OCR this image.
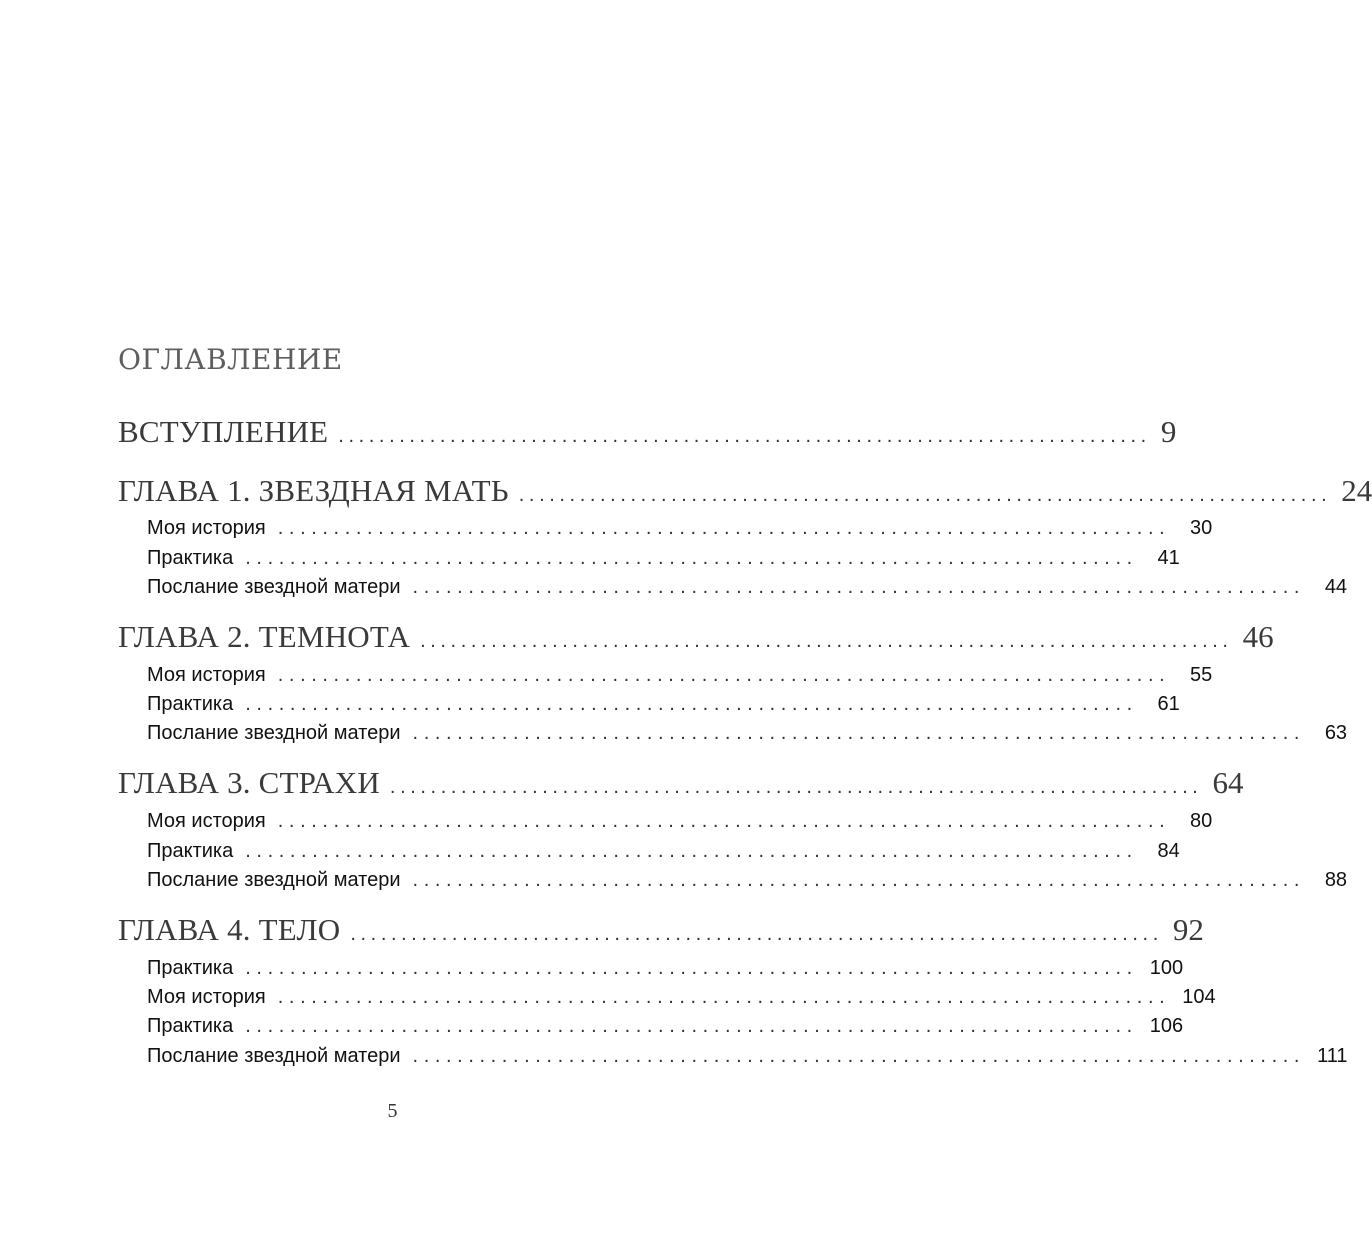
ОГЛАВЛЕНИЕ
ВСТУПЛЕНИЕ ................................................................................ 9
ГЛАВА 1. ЗВЕЗДНАЯ МАТЬ ................................................................................ 24
Моя история ................................................................................ 30
Практика ................................................................................ 41
Послание звездной матери ................................................................................ 44
ГЛАВА 2. ТЕМНОТА ................................................................................ 46
Моя история ................................................................................ 55
Практика ................................................................................ 61
Послание звездной матери ................................................................................ 63
ГЛАВА 3. СТРАХИ ................................................................................ 64
Моя история ................................................................................ 80
Практика ................................................................................ 84
Послание звездной матери ................................................................................ 88
ГЛАВА 4. ТЕЛО ................................................................................ 92
Практика ................................................................................ 100
Моя история ................................................................................ 104
Практика ................................................................................ 106
Послание звездной матери ................................................................................ 111
5
